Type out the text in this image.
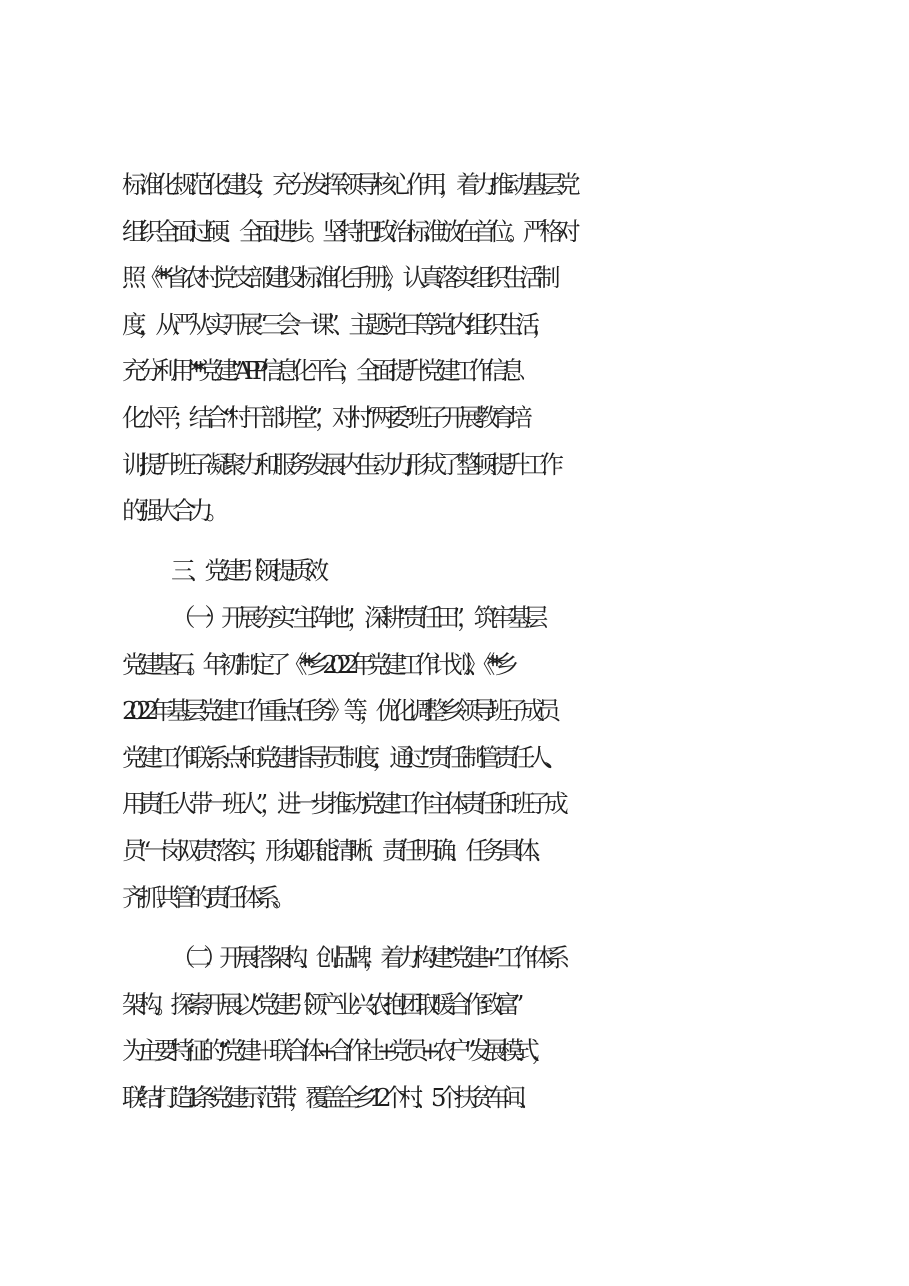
标准化规范化建设，充分发挥领导核心作用，着力推动基层党
组织全面过硬、全面进步。坚持把政治标准放在首位。严格对
照《**省农村党支部建设标准化手册》，认真落实组织生活制
度，从严从实开展“三会一课”、主题党日等党内组织生活，
充分利用“**党建”APP 信息化平台，全面提升党建工作信息
化水平；结合“村干部讲堂”，对村“两委”班子开展教育培
训,提升班子凝聚力和服务发展内生动力,形成了整顿提升工作
的强大合力。
三、党建引领提质效
（一）开展夯实“主阵地”，深耕“责任田”，筑牢基层
党建基石。年初制定了《**乡 2022 年党建工作计划》、《**乡
2022 年基层党建工作重点任务》等，优化调整乡领导班子成员
党建工作联系点和党建指导员制度，通过“责任制管责任人、
用责任人带一班人”，进一步推动党建工作主体责任和班子成
员“一岗双责”落实，形成职能清晰、责任明确、任务具体、
齐抓共管的责任体系。
（二）开展搭架构、创品牌，着力构建“党建+”工作体系
架构。探索开展以“党建引领产业兴农·抱团取暖合作致富”
为主要特征的“党建＋联合体+合作社+党员+农户”发展模式，
联结打造 1 条党建示范带，覆盖全乡 12 个村、5 个扶贫车间、
